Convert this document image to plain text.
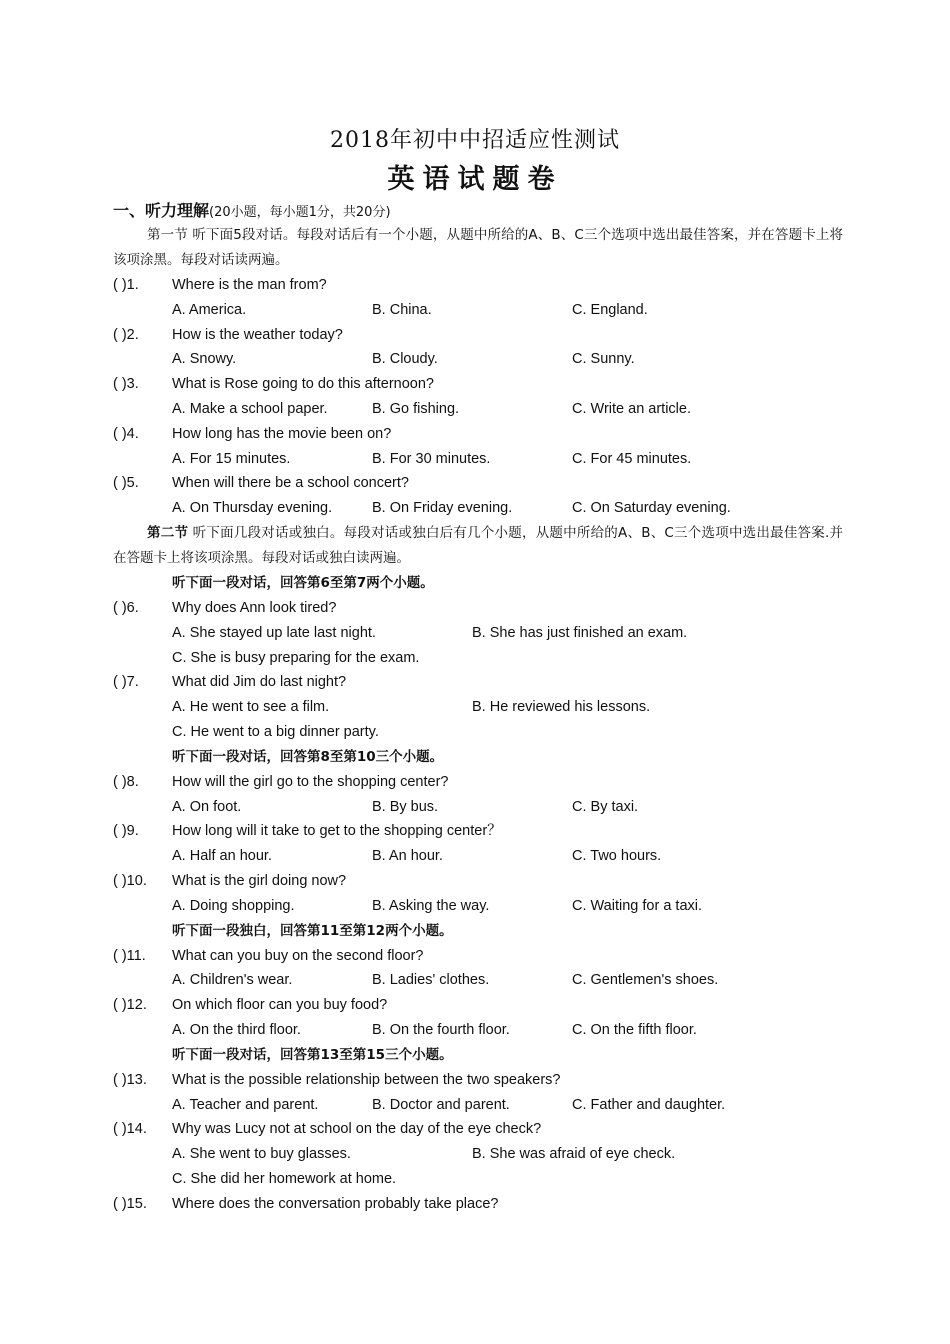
2018年初中中招适应性测试
英语试题卷
一、听力理解(20小题，每小题1分，共20分)
第一节 听下面5段对话。每段对话后有一个小题，从题中所给的A、B、C三个选项中选出最佳答案，并在答题卡上将该项涂黑。每段对话读两遍。
( )1.	Where is the man from?
A. America.	B. China.	C. England.
( )2.	How is the weather today?
A. Snowy.	B. Cloudy.	C. Sunny.
( )3.	What is Rose going to do this afternoon?
A. Make a school paper.	B. Go fishing.	C. Write an article.
( )4.	How long has the movie been on?
A. For 15 minutes.	B. For 30 minutes.	C. For 45 minutes.
( )5.	When will there be a school concert?
A. On Thursday evening.	B. On Friday evening.	C. On Saturday evening.
第二节 听下面几段对话或独白。每段对话或独白后有几个小题，从题中所给的A、B、C三个选项中选出最佳答案.并在答题卡上将该项涂黑。每段对话或独白读两遍。
听下面一段对话，回答第6至第7两个小题。
( )6.	Why does Ann look tired?
A. She stayed up late last night.	B. She has just finished an exam.
C. She is busy preparing for the exam.
( )7.	What did Jim do last night?
A. He went to see a film.	B. He reviewed his lessons.
C. He went to a big dinner party.
听下面一段对话，回答第8至第10三个小题。
( )8.	How will the girl go to the shopping center?
A. On foot.	B. By bus.	C. By taxi.
( )9.	How long will it take to get to the shopping center？
A. Half an hour.	B. An hour.	C. Two hours.
( )10.	What is the girl doing now?
A. Doing shopping.	B. Asking the way.	C. Waiting for a taxi.
听下面一段独白，回答第11至第12两个小题。
( )11.	What can you buy on the second floor?
A. Children's wear.	B. Ladies' clothes.	C. Gentlemen's shoes.
( )12.	On which floor can you buy food?
A. On the third floor.	B. On the fourth floor.	C. On the fifth floor.
听下面一段对话，回答第13至第15三个小题。
( )13.	What is the possible relationship between the two speakers?
A. Teacher and parent.	B. Doctor and parent.	C. Father and daughter.
( )14.	Why was Lucy not at school on the day of the eye check?
A. She went to buy glasses.	B. She was afraid of eye check.
C. She did her homework at home.
( )15.	Where does the conversation probably take place?
